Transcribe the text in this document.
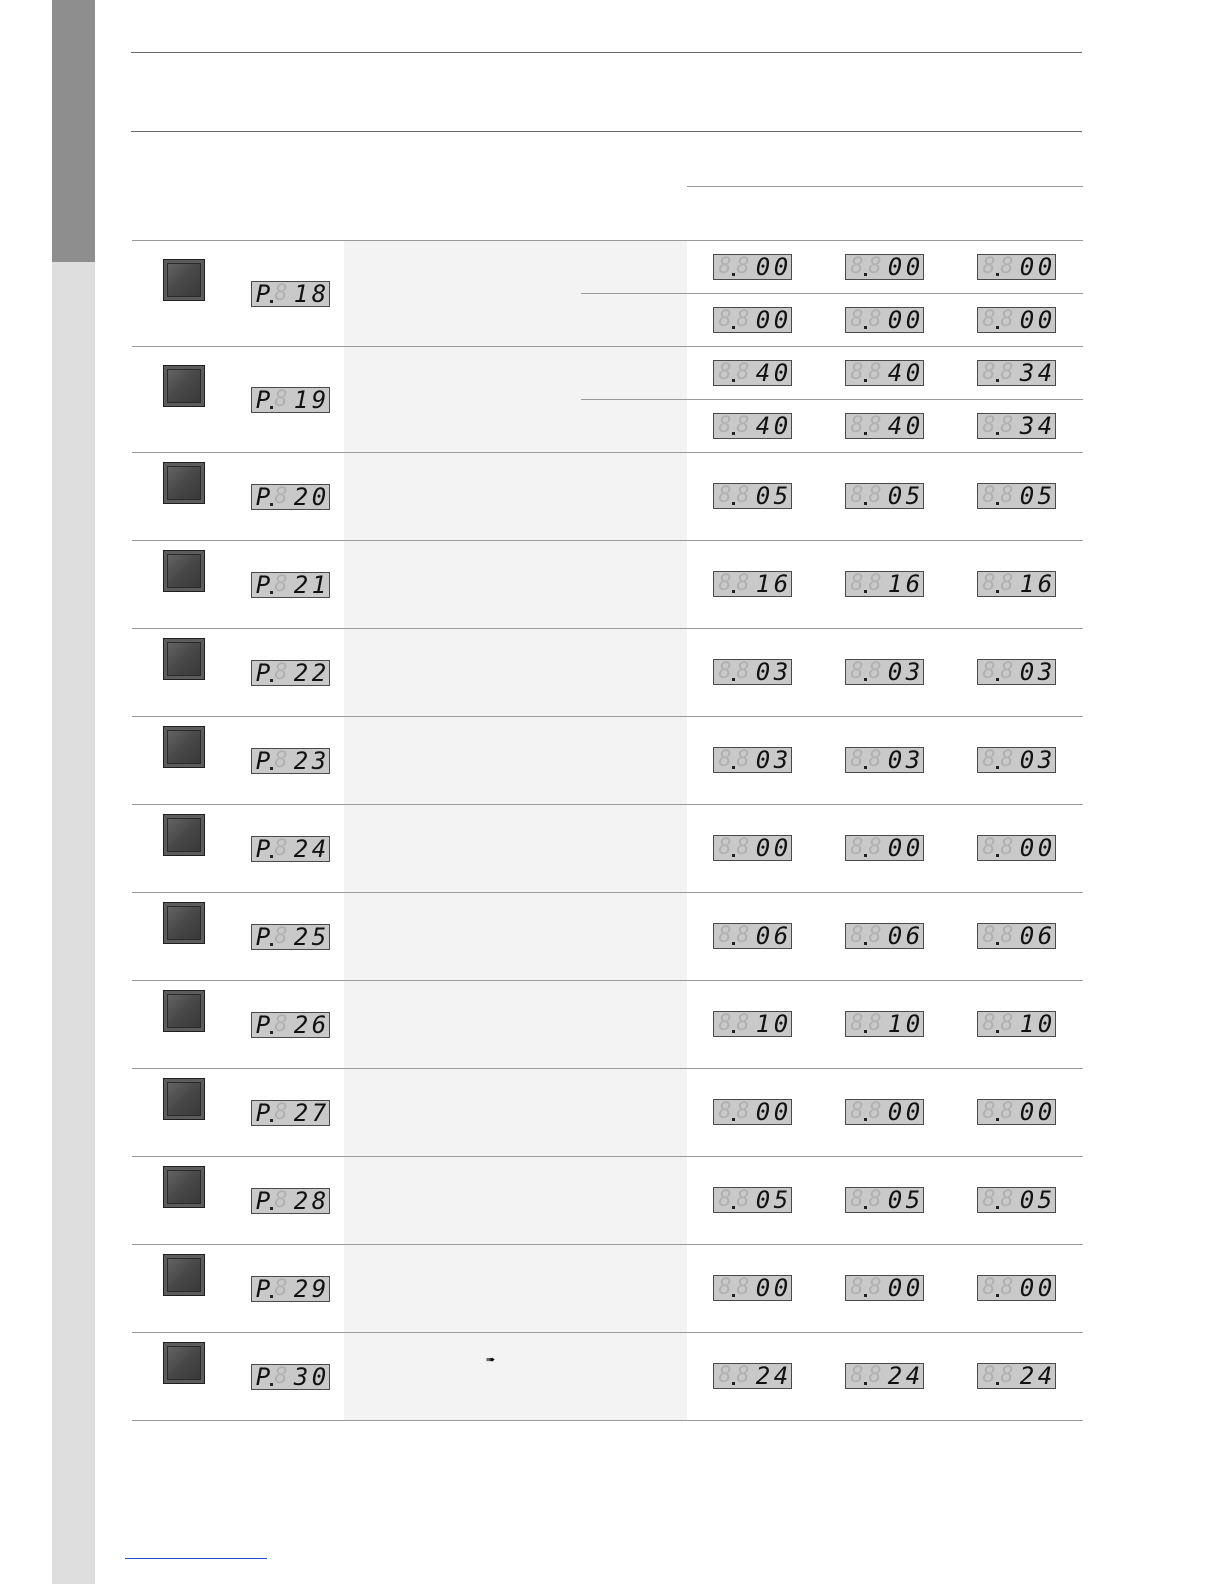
P 8 1 8
8 8 0 0	8 8 0 0	8 8 0 0
8 8 0 0	8 8 0 0	8 8 0 0
P 8 1 9
8 8 4 0	8 8 4 0	8 8 3 4
8 8 4 0	8 8 4 0	8 8 3 4
P 8 2 0	8 8 0 5	8 8 0 5	8 8 0 5
P 8 2 1	8 8 1 6	8 8 1 6	8 8 1 6
P 8 2 2	8 8 0 3	8 8 0 3	8 8 0 3
P 8 2 3	8 8 0 3	8 8 0 3	8 8 0 3
P 8 2 4	8 8 0 0	8 8 0 0	8 8 0 0
P 8 2 5	8 8 0 6	8 8 0 6	8 8 0 6
P 8 2 6	8 8 1 0	8 8 1 0	8 8 1 0
P 8 2 7	8 8 0 0	8 8 0 0	8 8 0 0
P 8 2 8	8 8 0 5	8 8 0 5	8 8 0 5
P 8 2 9	8 8 0 0	8 8 0 0	8 8 0 0
P 8 3 0	8 8 2 4	8 8 2 4	8 8 2 4
➠
